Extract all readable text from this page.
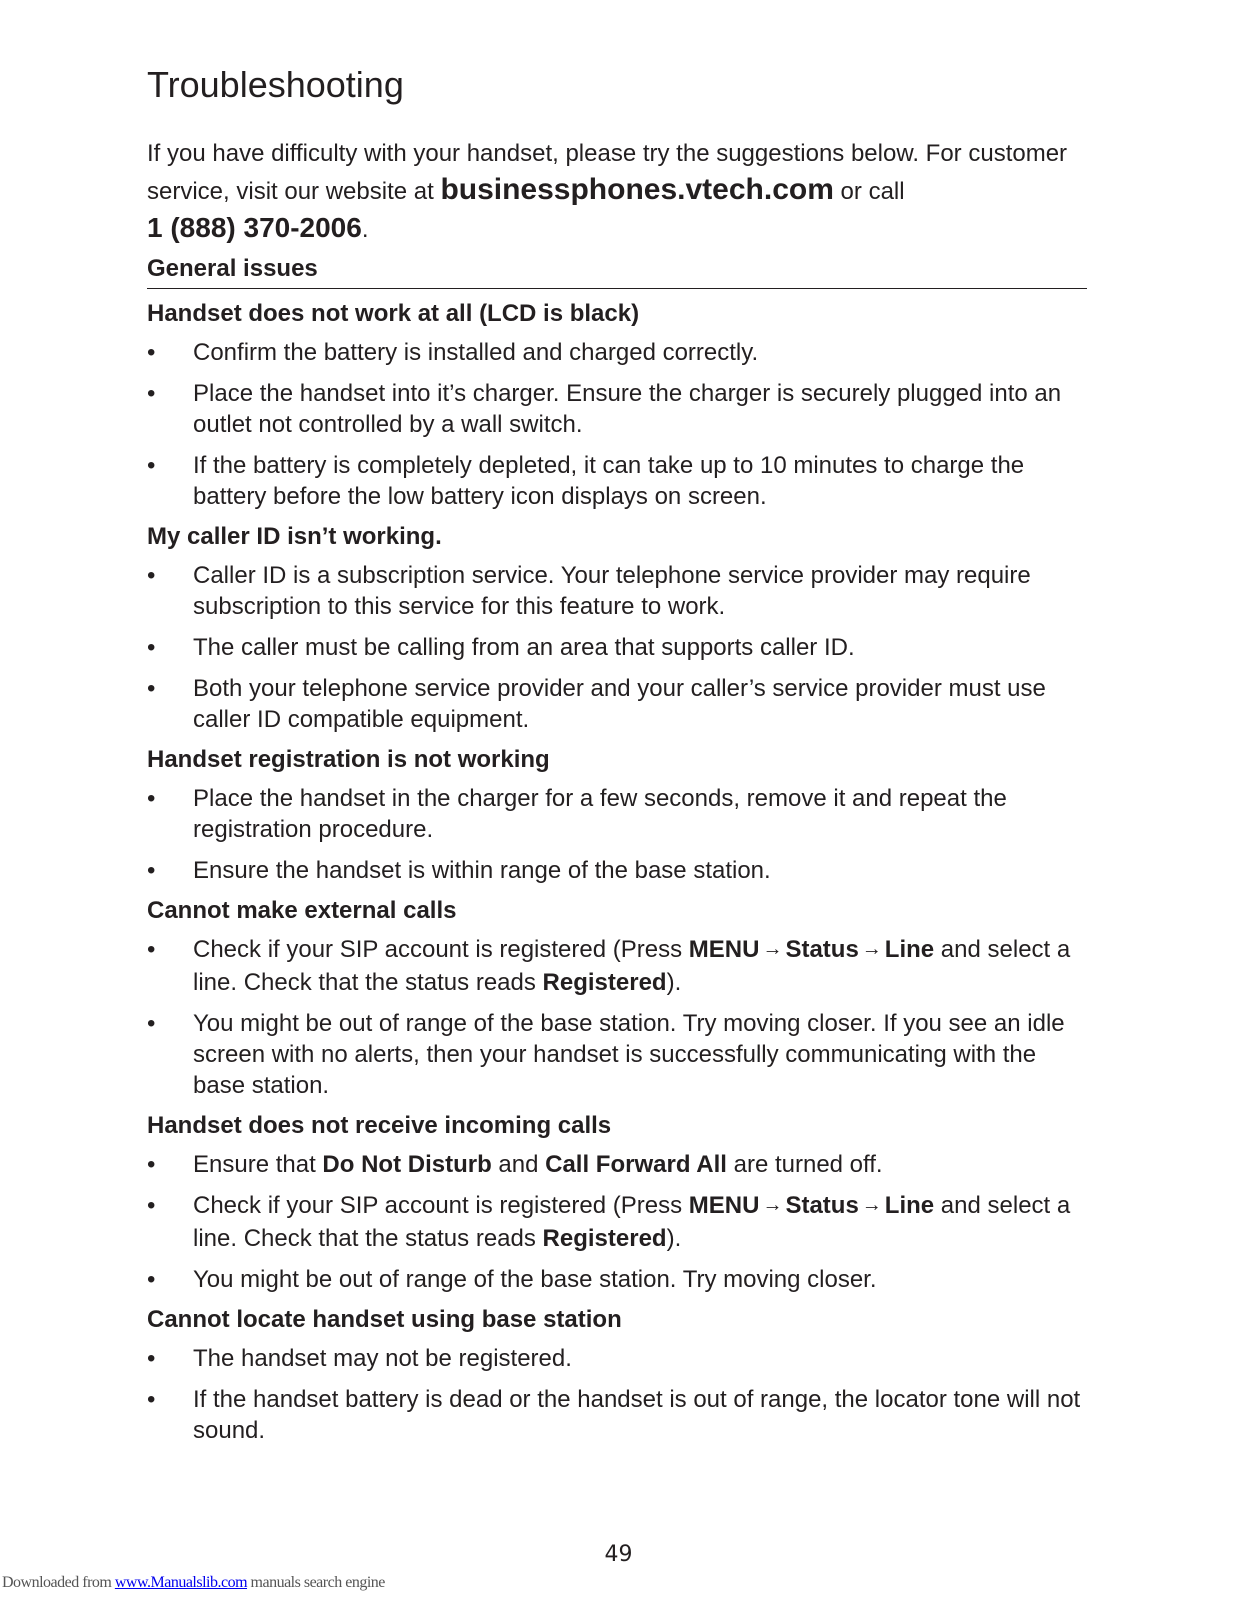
Troubleshooting

If you have difficulty with your handset, please try the suggestions below. For customer service, visit our website at businessphones.vtech.com or call
1 (888) 370-2006.

General issues
Handset does not work at all (LCD is black)
• Confirm the battery is installed and charged correctly.
• Place the handset into it’s charger. Ensure the charger is securely plugged into an outlet not controlled by a wall switch.
• If the battery is completely depleted, it can take up to 10 minutes to charge the battery before the low battery icon displays on screen.
My caller ID isn’t working.
• Caller ID is a subscription service. Your telephone service provider may require subscription to this service for this feature to work.
• The caller must be calling from an area that supports caller ID.
• Both your telephone service provider and your caller’s service provider must use caller ID compatible equipment.
Handset registration is not working
• Place the handset in the charger for a few seconds, remove it and repeat the registration procedure.
• Ensure the handset is within range of the base station.
Cannot make external calls
• Check if your SIP account is registered (Press MENU → Status → Line and select a line. Check that the status reads Registered).
• You might be out of range of the base station. Try moving closer. If you see an idle screen with no alerts, then your handset is successfully communicating with the base station.
Handset does not receive incoming calls
• Ensure that Do Not Disturb and Call Forward All are turned off.
• Check if your SIP account is registered (Press MENU → Status → Line and select a line. Check that the status reads Registered).
• You might be out of range of the base station. Try moving closer.
Cannot locate handset using base station
• The handset may not be registered.
• If the handset battery is dead or the handset is out of range, the locator tone will not sound.
49
Downloaded from www.Manualslib.com manuals search engine
